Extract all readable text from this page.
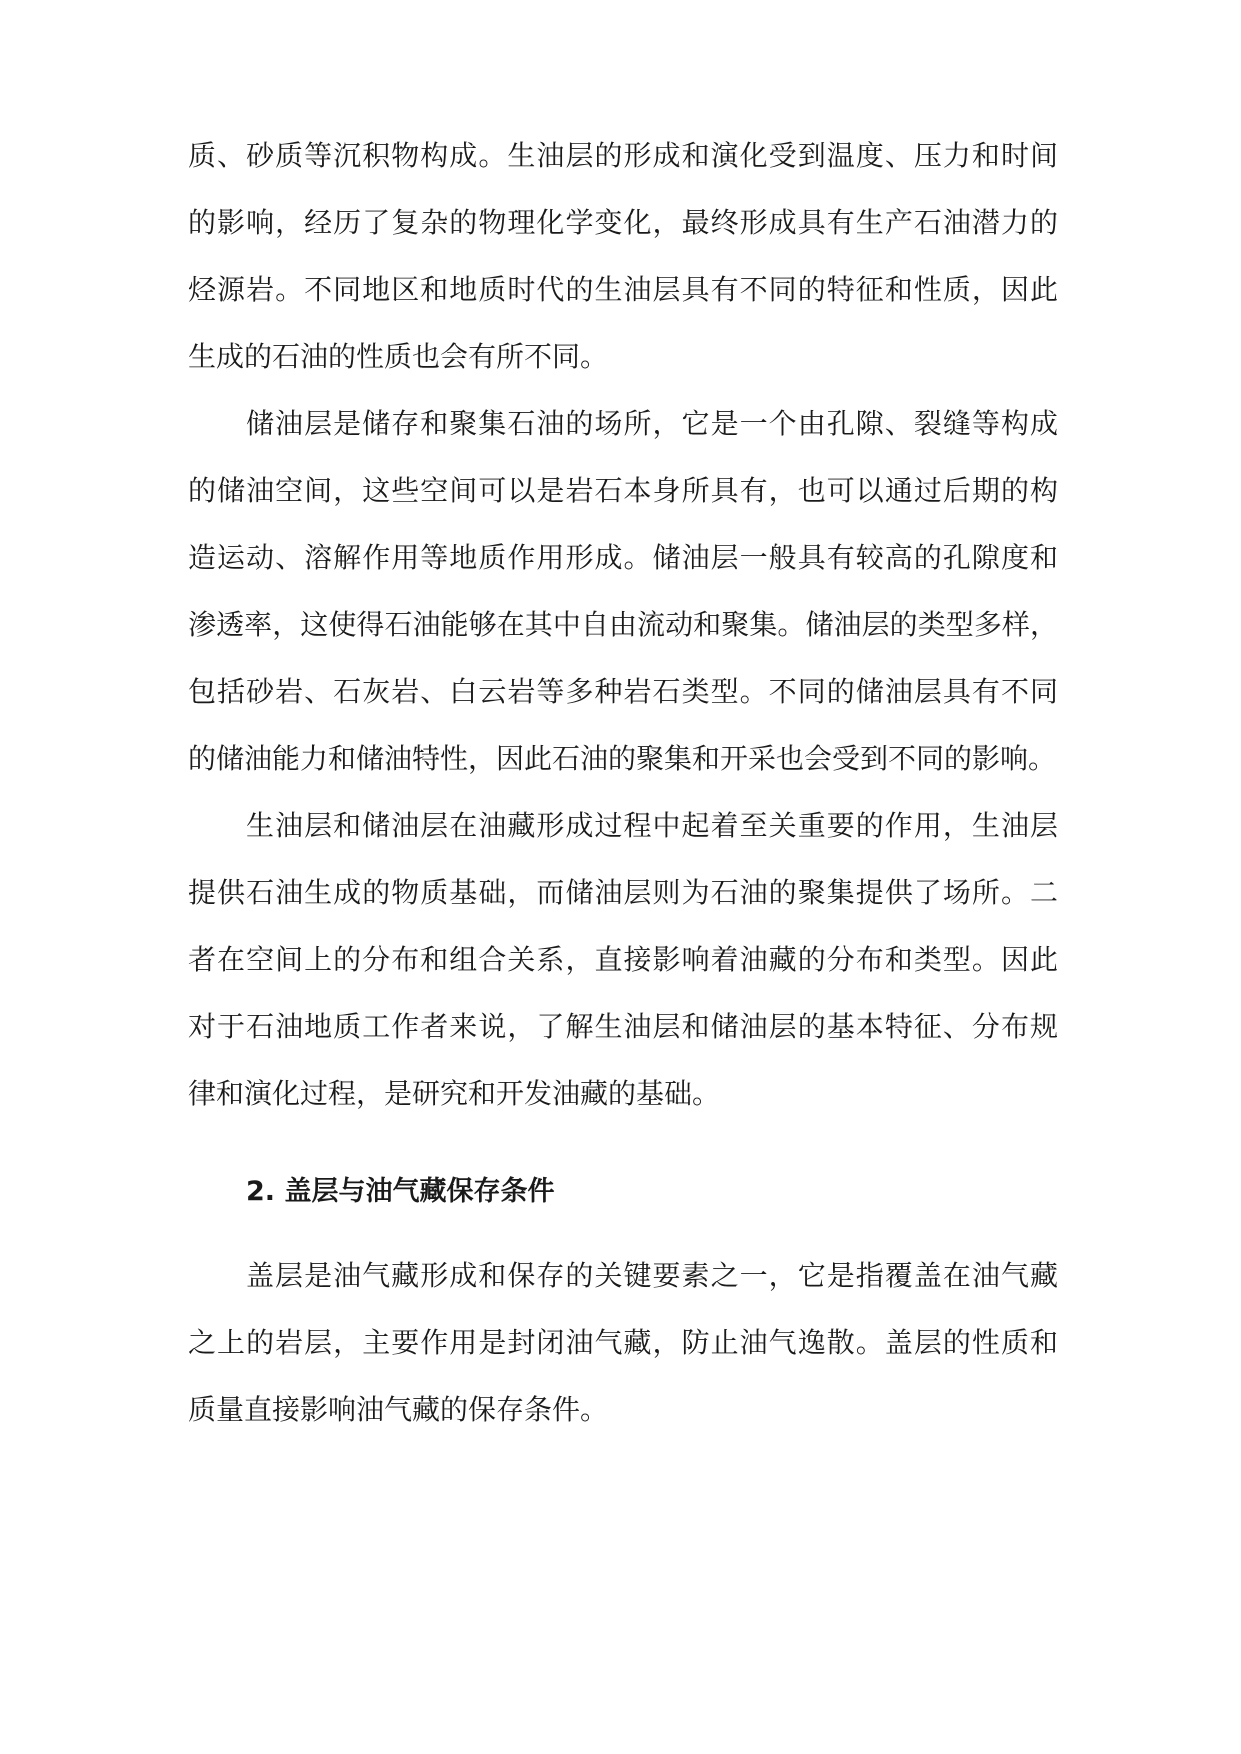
质、砂质等沉积物构成。生油层的形成和演化受到温度、压力和时间
的影响，经历了复杂的物理化学变化，最终形成具有生产石油潜力的
烃源岩。不同地区和地质时代的生油层具有不同的特征和性质，因此
生成的石油的性质也会有所不同。
储油层是储存和聚集石油的场所，它是一个由孔隙、裂缝等构成
的储油空间，这些空间可以是岩石本身所具有，也可以通过后期的构
造运动、溶解作用等地质作用形成。储油层一般具有较高的孔隙度和
渗透率，这使得石油能够在其中自由流动和聚集。储油层的类型多样，
包括砂岩、石灰岩、白云岩等多种岩石类型。不同的储油层具有不同
的储油能力和储油特性，因此石油的聚集和开采也会受到不同的影响。
生油层和储油层在油藏形成过程中起着至关重要的作用，生油层
提供石油生成的物质基础，而储油层则为石油的聚集提供了场所。二
者在空间上的分布和组合关系，直接影响着油藏的分布和类型。因此
对于石油地质工作者来说，了解生油层和储油层的基本特征、分布规
律和演化过程，是研究和开发油藏的基础。
2. 盖层与油气藏保存条件
盖层是油气藏形成和保存的关键要素之一，它是指覆盖在油气藏
之上的岩层，主要作用是封闭油气藏，防止油气逸散。盖层的性质和
质量直接影响油气藏的保存条件。
